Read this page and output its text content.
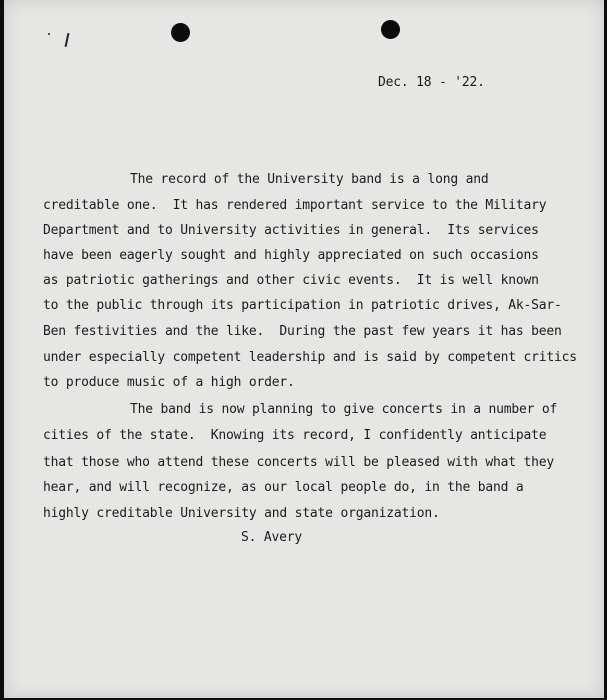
Dec. 18 - '22.
The record of the University band is a long and
creditable one.  It has rendered important service to the Military
Department and to University activities in general.  Its services
have been eagerly sought and highly appreciated on such occasions
as patriotic gatherings and other civic events.  It is well known
to the public through its participation in patriotic drives, Ak-Sar-
Ben festivities and the like.  During the past few years it has been
under especially competent leadership and is said by competent critics
to produce music of a high order.
The band is now planning to give concerts in a number of
cities of the state.  Knowing its record, I confidently anticipate
that those who attend these concerts will be pleased with what they
hear, and will recognize, as our local people do, in the band a
highly creditable University and state organization.
S. Avery
